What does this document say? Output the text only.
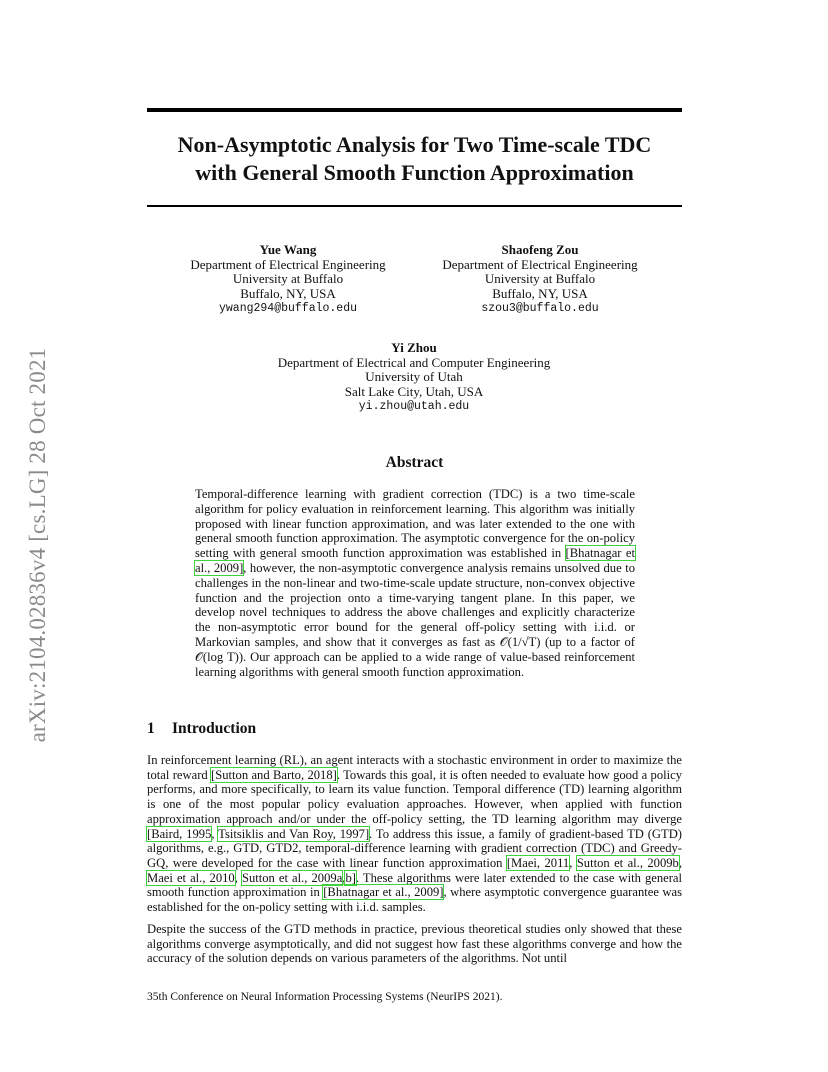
arXiv:2104.02836v4 [cs.LG] 28 Oct 2021
Non-Asymptotic Analysis for Two Time-scale TDC
with General Smooth Function Approximation
Yue Wang
Department of Electrical Engineering
University at Buffalo
Buffalo, NY, USA
ywang294@buffalo.edu
Shaofeng Zou
Department of Electrical Engineering
University at Buffalo
Buffalo, NY, USA
szou3@buffalo.edu
Yi Zhou
Department of Electrical and Computer Engineering
University of Utah
Salt Lake City, Utah, USA
yi.zhou@utah.edu
Abstract
Temporal-difference learning with gradient correction (TDC) is a two time-scale algorithm for policy evaluation in reinforcement learning. This algorithm was initially proposed with linear function approximation, and was later extended to the one with general smooth function approximation. The asymptotic convergence for the on-policy setting with general smooth function approximation was established in [Bhatnagar et al., 2009], however, the non-asymptotic convergence analysis remains unsolved due to challenges in the non-linear and two-time-scale update structure, non-convex objective function and the projection onto a time-varying tangent plane. In this paper, we develop novel techniques to address the above challenges and explicitly characterize the non-asymptotic error bound for the general off-policy setting with i.i.d. or Markovian samples, and show that it converges as fast as 𝒪(1/√T) (up to a factor of 𝒪(log T)). Our approach can be applied to a wide range of value-based reinforcement learning algorithms with general smooth function approximation.
1 Introduction
In reinforcement learning (RL), an agent interacts with a stochastic environment in order to maximize the total reward [Sutton and Barto, 2018]. Towards this goal, it is often needed to evaluate how good a policy performs, and more specifically, to learn its value function. Temporal difference (TD) learning algorithm is one of the most popular policy evaluation approaches. However, when applied with function approximation approach and/or under the off-policy setting, the TD learning algorithm may diverge [Baird, 1995, Tsitsiklis and Van Roy, 1997]. To address this issue, a family of gradient-based TD (GTD) algorithms, e.g., GTD, GTD2, temporal-difference learning with gradient correction (TDC) and Greedy-GQ, were developed for the case with linear function approximation [Maei, 2011, Sutton et al., 2009b, Maei et al., 2010, Sutton et al., 2009a,b]. These algorithms were later extended to the case with general smooth function approximation in [Bhatnagar et al., 2009], where asymptotic convergence guarantee was established for the on-policy setting with i.i.d. samples.
Despite the success of the GTD methods in practice, previous theoretical studies only showed that these algorithms converge asymptotically, and did not suggest how fast these algorithms converge and how the accuracy of the solution depends on various parameters of the algorithms. Not until
35th Conference on Neural Information Processing Systems (NeurIPS 2021).
